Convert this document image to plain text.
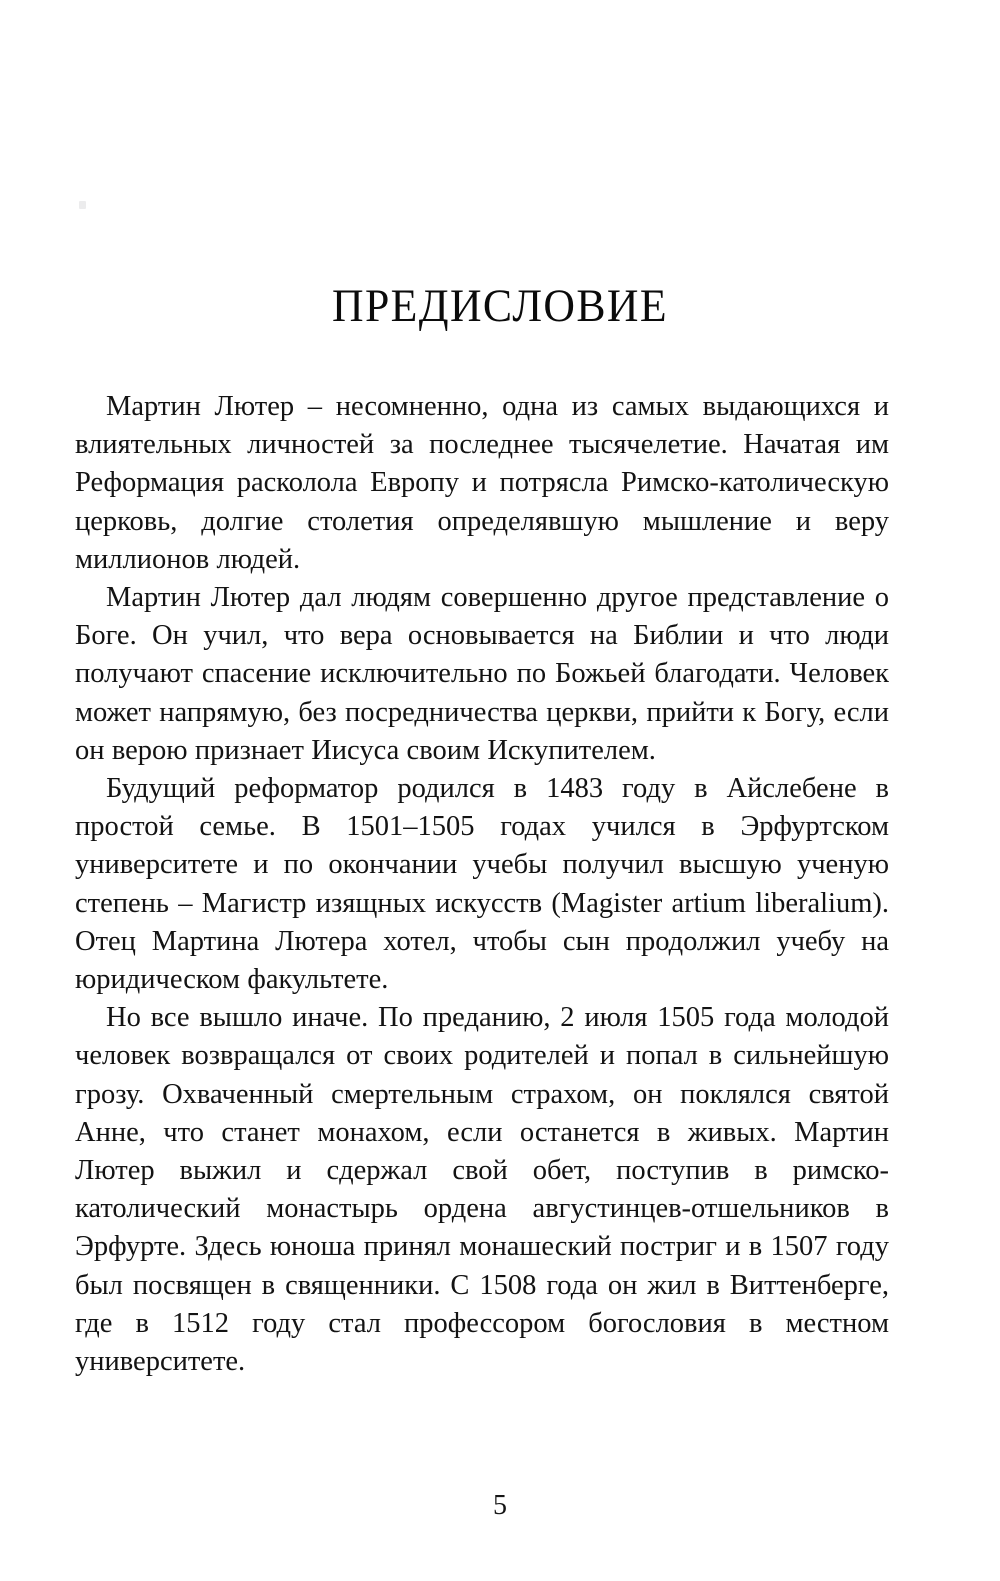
ПРЕДИСЛОВИЕ

Мартин Лютер – несомненно, одна из самых выдающихся и влиятельных личностей за последнее тысячелетие. Начатая им Реформация расколола Европу и потрясла Римско-католическую церковь, долгие столетия определявшую мышление и веру миллионов людей.

Мартин Лютер дал людям совершенно другое представление о Боге. Он учил, что вера основывается на Библии и что люди получают спасение исключительно по Божьей благодати. Человек может напрямую, без посредничества церкви, прийти к Богу, если он верою признает Иисуса своим Искупителем.

Будущий реформатор родился в 1483 году в Айслебене в простой семье. В 1501–1505 годах учился в Эрфуртском университете и по окончании учебы получил высшую ученую степень – Магистр изящных искусств (Magister artium liberalium). Отец Мартина Лютера хотел, чтобы сын продолжил учебу на юридическом факультете.

Но все вышло иначе. По преданию, 2 июля 1505 года молодой человек возвращался от своих родителей и попал в сильнейшую грозу. Охваченный смертельным страхом, он поклялся святой Анне, что станет монахом, если останется в живых. Мартин Лютер выжил и сдержал свой обет, поступив в римско-католический монастырь ордена августинцев-отшельников в Эрфурте. Здесь юноша принял монашеский постриг и в 1507 году был посвящен в священники. С 1508 года он жил в Виттенберге, где в 1512 году стал профессором богословия в местном университете.

5
